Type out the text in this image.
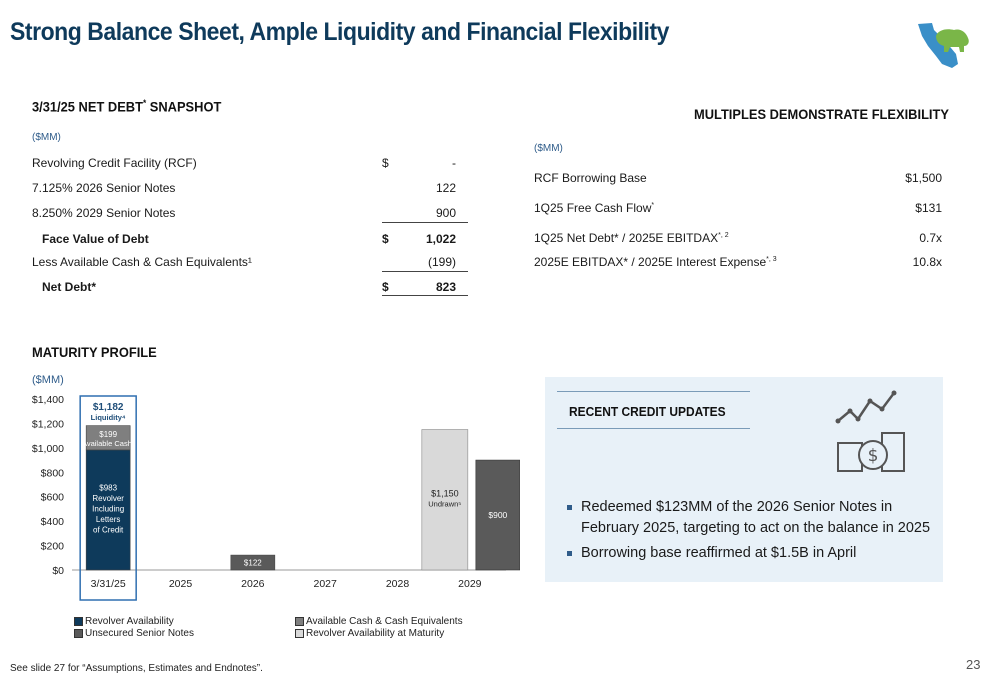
Strong Balance Sheet, Ample Liquidity and Financial Flexibility
3/31/25 NET DEBT* SNAPSHOT
($MM)
Revolving Credit Facility (RCF)	$	-
7.125% 2026 Senior Notes	122
8.250% 2029 Senior Notes	900
Face Value of Debt	$	1,022
Less Available Cash & Cash Equivalents¹	(199)
Net Debt*	$	823
MULTIPLES DEMONSTRATE FLEXIBILITY
($MM)
RCF Borrowing Base	$1,500
1Q25 Free Cash Flow*	$131
1Q25 Net Debt* / 2025E $EBITDAX^{*, 2}$	0.7x
2025E EBITDAX* / 2025E Interest Expense$^{*, 3}$	10.8x
MATURITY PROFILE
($MM)
$0
$200
$400
$600
$800
$1,000
$1,200
$1,400
3/31/25	2025	2026	2027	2028	2029
$1,182
Liquidity⁴
$199
Available Cash¹
$983
Revolver
Including
Letters
of Credit
$122
$1,150
Undrawn⁵
$900
Revolver Availability	Available Cash & Cash Equivalents
Unsecured Senior Notes	Revolver Availability at Maturity
RECENT CREDIT UPDATES
$
Redeemed $123MM of the 2026 Senior Notes in February 2025, targeting to act on the balance in 2025
Borrowing base reaffirmed at $1.5B in April
See slide 27 for “Assumptions, Estimates and Endnotes”.	23
